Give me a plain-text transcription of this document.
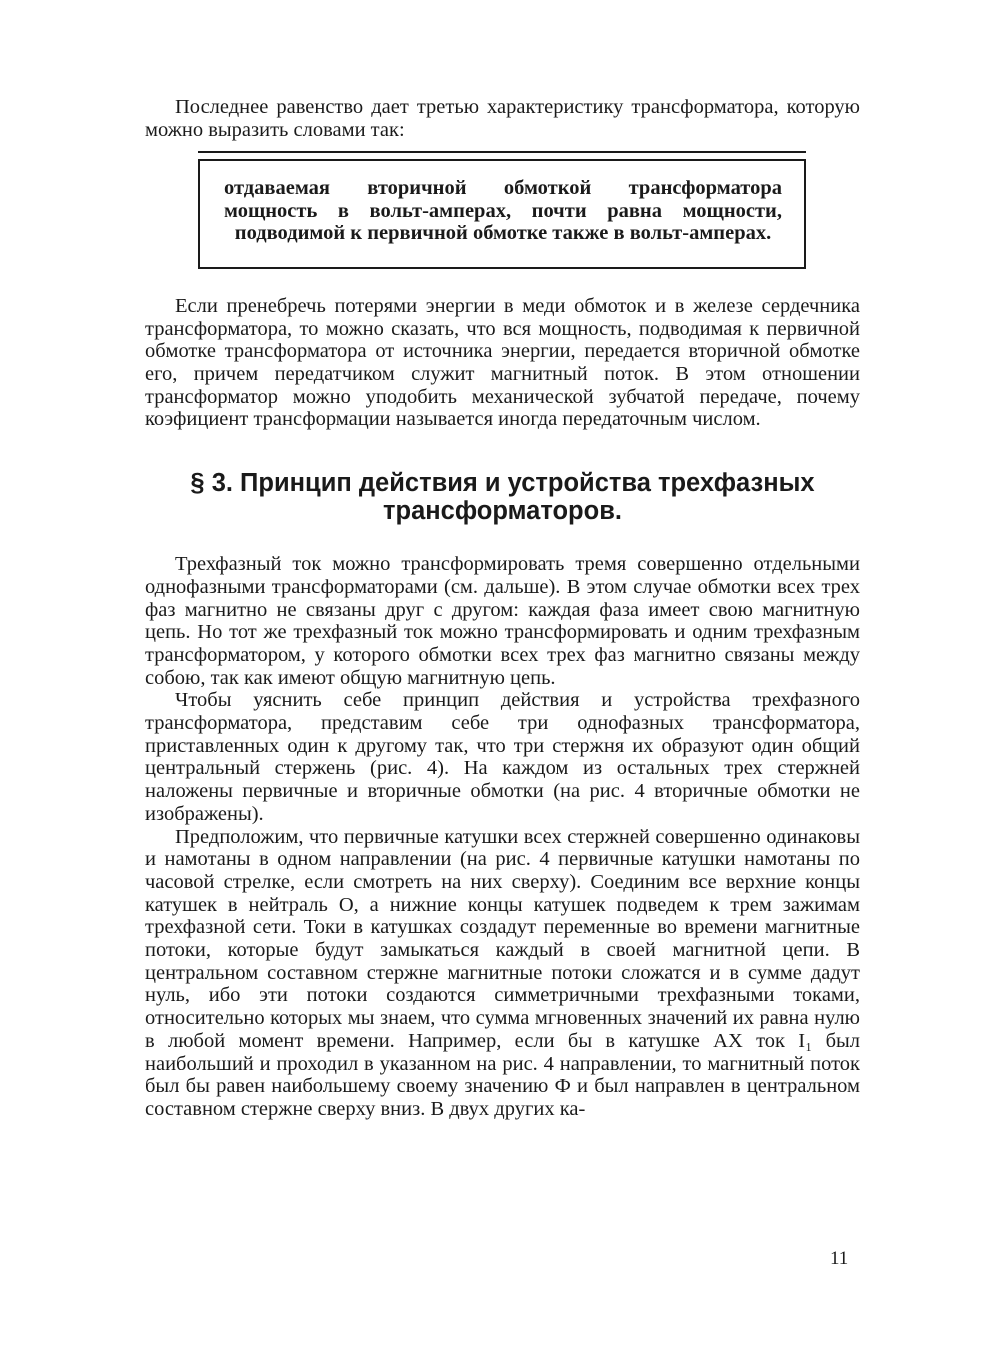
Последнее равенство дает третью характеристику трансформатора, которую можно выразить словами так:

отдаваемая вторичной обмоткой трансформатора мощность в вольт-амперах, почти равна мощности, подводимой к первичной обмотке также в вольт-амперах.

Если пренебречь потерями энергии в меди обмоток и в железе сердечника трансформатора, то можно сказать, что вся мощность, подводимая к первичной обмотке трансформатора от источника энергии, передается вторичной обмотке его, причем передатчиком служит магнитный поток. В этом отношении трансформатор можно уподобить механической зубчатой передаче, почему коэфициент трансформации называется иногда передаточным числом.

§ 3. Принцип действия и устройства трехфазных
трансформаторов.

Трехфазный ток можно трансформировать тремя совершенно отдельными однофазными трансформаторами (см. дальше). В этом случае обмотки всех трех фаз магнитно не связаны друг с другом: каждая фаза имеет свою магнитную цепь. Но тот же трехфазный ток можно трансформировать и одним трехфазным трансформатором, у которого обмотки всех трех фаз магнитно связаны между собою, так как имеют общую магнитную цепь.

Чтобы уяснить себе принцип действия и устройства трехфазного трансформатора, представим себе три однофазных трансформатора, приставленных один к другому так, что три стержня их образуют один общий центральный стержень (рис. 4). На каждом из остальных трех стержней наложены первичные и вторичные обмотки (на рис. 4 вторичные обмотки не изображены).

Предположим, что первичные катушки всех стержней совершенно одинаковы и намотаны в одном направлении (на рис. 4 первичные катушки намотаны по часовой стрелке, если смотреть на них сверху). Соединим все верхние концы катушек в нейтраль O, а нижние концы катушек подведем к трем зажимам трехфазной сети. Токи в катушках создадут переменные во времени магнитные потоки, которые будут замыкаться каждый в своей магнитной цепи. В центральном составном стержне магнитные потоки сложатся и в сумме дадут нуль, ибо эти потоки создаются симметричными трехфазными токами, относительно которых мы знаем, что сумма мгновенных значений их равна нулю в любой момент времени. Например, если бы в катушке AX ток I₁ был наибольший и проходил в указанном на рис. 4 направлении, то магнитный поток был бы равен наибольшему своему значению Ф и был направлен в центральном составном стержне сверху вниз. В двух других ка-

11
